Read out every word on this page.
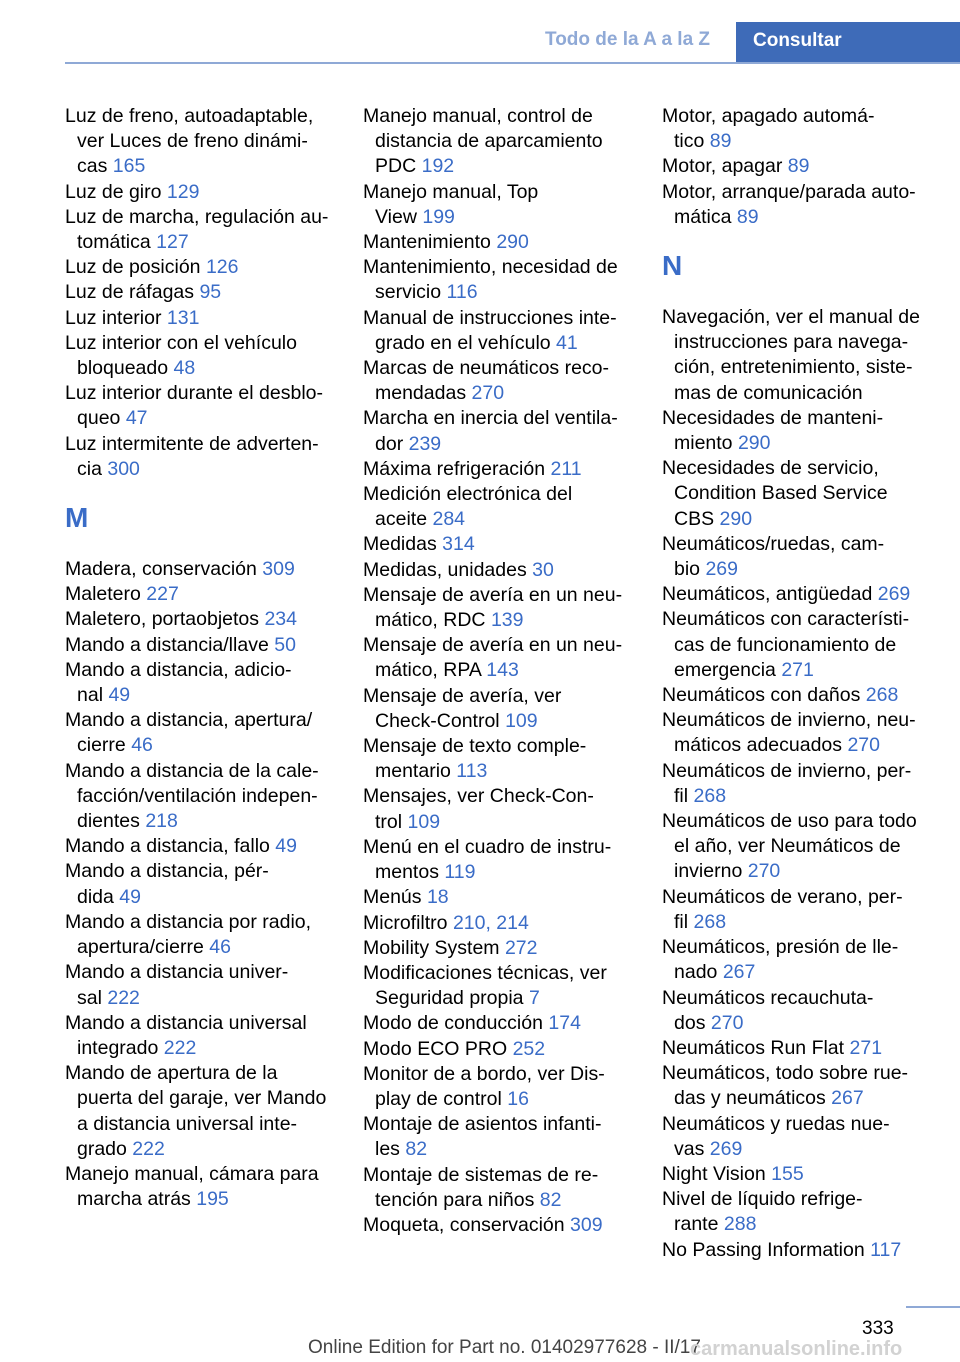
Todo de la A a la Z	Consultar
Luz de freno, autoadaptable,
ver Luces de freno dinámi-
cas 165
Luz de giro 129
Luz de marcha, regulación au-
tomática 127
Luz de posición 126
Luz de ráfagas 95
Luz interior 131
Luz interior con el vehículo
bloqueado 48
Luz interior durante el desblo-
queo 47
Luz intermitente de adverten-
cia 300
M
Madera, conservación 309
Maletero 227
Maletero, portaobjetos 234
Mando a distancia/llave 50
Mando a distancia, adicio-
nal 49
Mando a distancia, apertura/
cierre 46
Mando a distancia de la cale-
facción/ventilación indepen-
dientes 218
Mando a distancia, fallo 49
Mando a distancia, pér-
dida 49
Mando a distancia por radio,
apertura/cierre 46
Mando a distancia univer-
sal 222
Mando a distancia universal
integrado 222
Mando de apertura de la
puerta del garaje, ver Mando
a distancia universal inte-
grado 222
Manejo manual, cámara para
marcha atrás 195
Manejo manual, control de
distancia de aparcamiento
PDC 192
Manejo manual, Top
View 199
Mantenimiento 290
Mantenimiento, necesidad de
servicio 116
Manual de instrucciones inte-
grado en el vehículo 41
Marcas de neumáticos reco-
mendadas 270
Marcha en inercia del ventila-
dor 239
Máxima refrigeración 211
Medición electrónica del
aceite 284
Medidas 314
Medidas, unidades 30
Mensaje de avería en un neu-
mático, RDC 139
Mensaje de avería en un neu-
mático, RPA 143
Mensaje de avería, ver
Check-Control 109
Mensaje de texto comple-
mentario 113
Mensajes, ver Check-Con-
trol 109
Menú en el cuadro de instru-
mentos 119
Menús 18
Microfiltro 210, 214
Mobility System 272
Modificaciones técnicas, ver
Seguridad propia 7
Modo de conducción 174
Modo ECO PRO 252
Monitor de a bordo, ver Dis-
play de control 16
Montaje de asientos infanti-
les 82
Montaje de sistemas de re-
tención para niños 82
Moqueta, conservación 309
Motor, apagado automá-
tico 89
Motor, apagar 89
Motor, arranque/parada auto-
mática 89
N
Navegación, ver el manual de
instrucciones para navega-
ción, entretenimiento, siste-
mas de comunicación
Necesidades de manteni-
miento 290
Necesidades de servicio,
Condition Based Service
CBS 290
Neumáticos/ruedas, cam-
bio 269
Neumáticos, antigüedad 269
Neumáticos con característi-
cas de funcionamiento de
emergencia 271
Neumáticos con daños 268
Neumáticos de invierno, neu-
máticos adecuados 270
Neumáticos de invierno, per-
fil 268
Neumáticos de uso para todo
el año, ver Neumáticos de
invierno 270
Neumáticos de verano, per-
fil 268
Neumáticos, presión de lle-
nado 267
Neumáticos recauchuta-
dos 270
Neumáticos Run Flat 271
Neumáticos, todo sobre rue-
das y neumáticos 267
Neumáticos y ruedas nue-
vas 269
Night Vision 155
Nivel de líquido refrige-
rante 288
No Passing Information 117
333
Online Edition for Part no. 01402977628 - II/17
carmanualsonline.info
